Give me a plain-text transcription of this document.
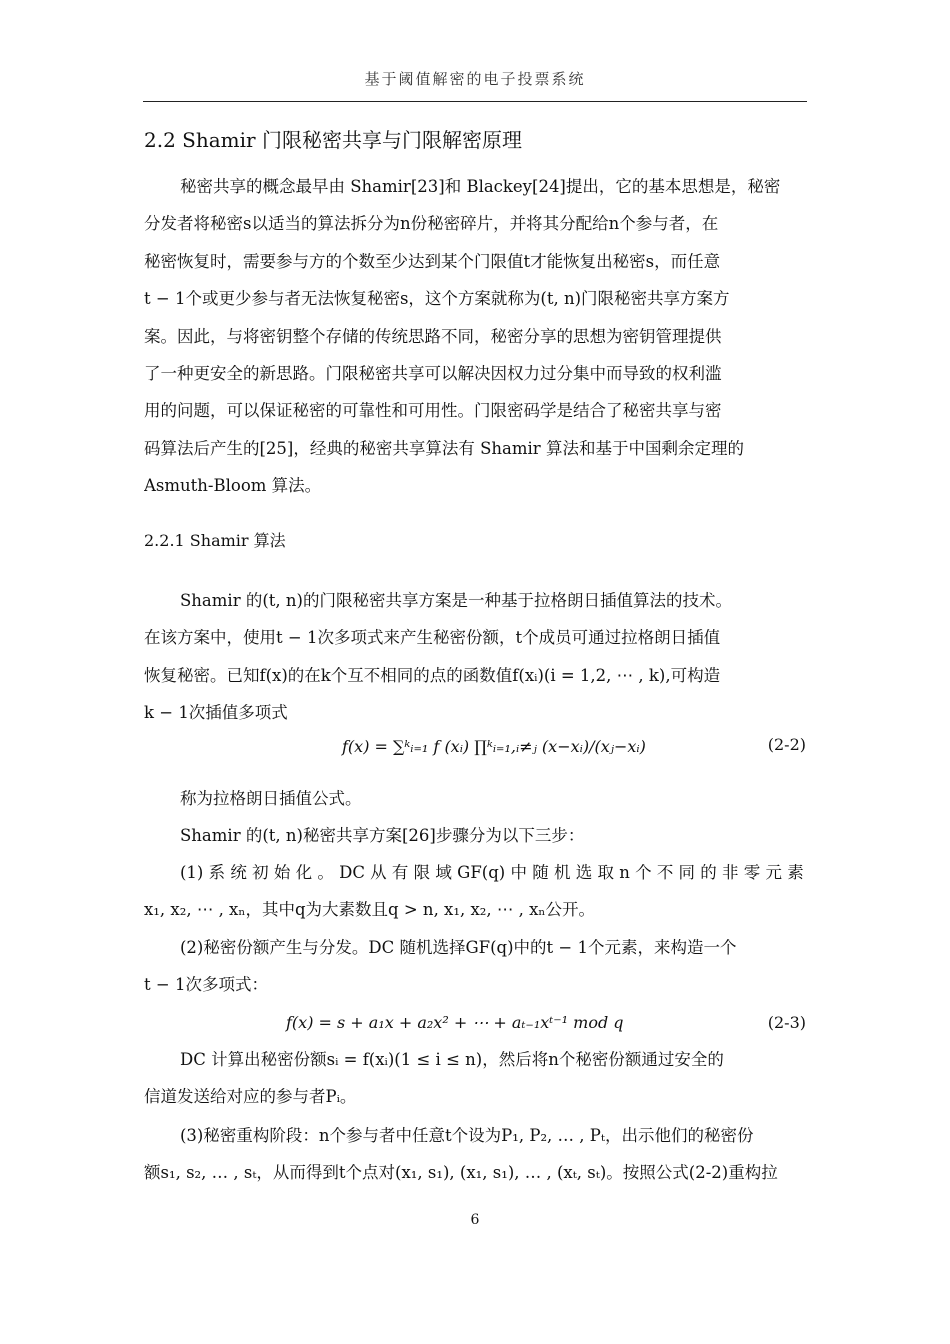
基于阈值解密的电子投票系统
2.2 Shamir 门限秘密共享与门限解密原理
秘密共享的概念最早由 Shamir[23]和 Blackey[24]提出，它的基本思想是，秘密
分发者将秘密s以适当的算法拆分为n份秘密碎片，并将其分配给n个参与者，在
秘密恢复时，需要参与方的个数至少达到某个门限值t才能恢复出秘密s，而任意
t − 1个或更少参与者无法恢复秘密s，这个方案就称为(t, n)门限秘密共享方案方
案。因此，与将密钥整个存储的传统思路不同，秘密分享的思想为密钥管理提供
了一种更安全的新思路。门限秘密共享可以解决因权力过分集中而导致的权利滥
用的问题，可以保证秘密的可靠性和可用性。门限密码学是结合了秘密共享与密
码算法后产生的[25]，经典的秘密共享算法有 Shamir 算法和基于中国剩余定理的
Asmuth-Bloom 算法。
2.2.1 Shamir 算法
Shamir 的(t, n)的门限秘密共享方案是一种基于拉格朗日插值算法的技术。
在该方案中，使用t − 1次多项式来产生秘密份额，t个成员可通过拉格朗日插值
恢复秘密。已知f(x)的在k个互不相同的点的函数值f(xᵢ)(i = 1,2, ⋯ , k),可构造
k − 1次插值多项式
f(x) = ∑ᵏᵢ₌₁ f (xᵢ) ∏ᵏᵢ₌₁,ᵢ≠ⱼ (x−xᵢ)/(xⱼ−xᵢ)	(2-2)
称为拉格朗日插值公式。
Shamir 的(t, n)秘密共享方案[26]步骤分为以下三步：
(1) 系 统 初 始 化 。 DC 从 有 限 域 GF(q) 中 随 机 选 取 n 个 不 同 的 非 零 元 素
x₁, x₂, ⋯ , xₙ，其中q为大素数且q > n, x₁, x₂, ⋯ , xₙ公开。
(2)秘密份额产生与分发。DC 随机选择GF(q)中的t − 1个元素，来构造一个
t − 1次多项式：
f(x) = s + a₁x + a₂x² + ⋯ + aₜ₋₁xᵗ⁻¹ mod q	(2-3)
DC 计算出秘密份额sᵢ = f(xᵢ)(1 ≤ i ≤ n)，然后将n个秘密份额通过安全的
信道发送给对应的参与者Pᵢ。
(3)秘密重构阶段：n个参与者中任意t个设为P₁, P₂, … , Pₜ，出示他们的秘密份
额s₁, s₂, … , sₜ，从而得到t个点对(x₁, s₁), (x₁, s₁), … , (xₜ, sₜ)。按照公式(2-2)重构拉
6
